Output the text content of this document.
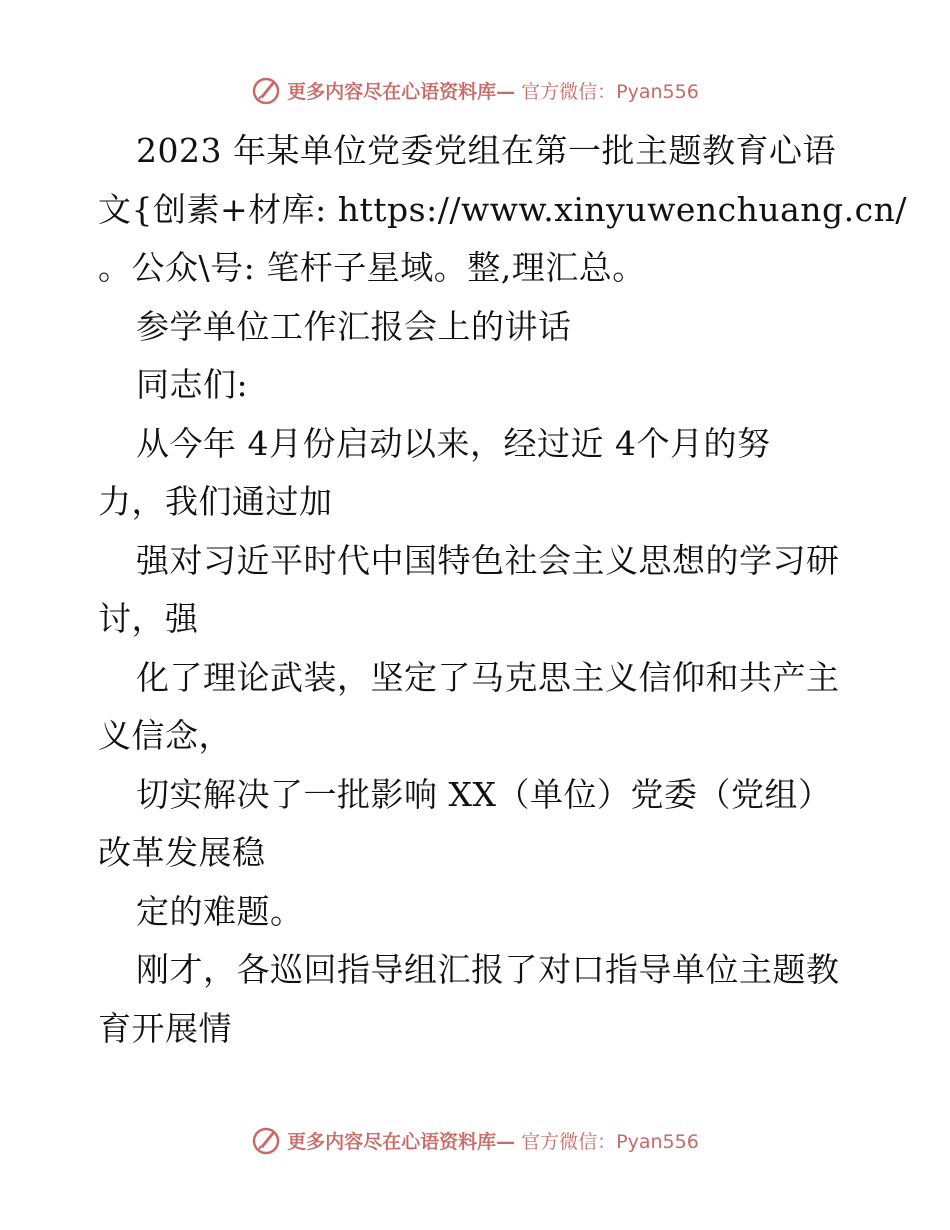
更多内容尽在心语资料库— 官方微信：Pyan556
2023 年某单位党委党组在第一批主题教育心语
文{创素+材库: https://www.xinyuwenchuang.cn/
。公众\号: 笔杆子星域。整,理汇总。
参学单位工作汇报会上的讲话
同志们:
从今年 4月份启动以来，经过近 4个月的努
力，我们通过加
强对习近平时代中国特色社会主义思想的学习研
讨，强
化了理论武装，坚定了马克思主义信仰和共产主
义信念，
切实解决了一批影响 XX（单位）党委（党组）
改革发展稳
定的难题。
刚才，各巡回指导组汇报了对口指导单位主题教
育开展情
更多内容尽在心语资料库— 官方微信：Pyan556
